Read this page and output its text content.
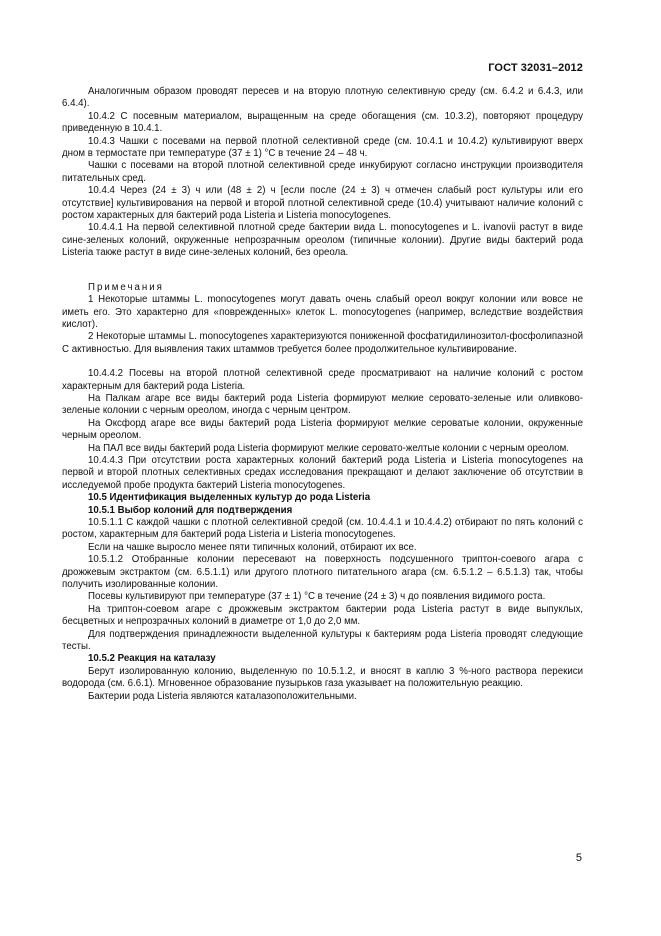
ГОСТ 32031–2012

Аналогичным образом проводят пересев и на вторую плотную селективную среду (см. 6.4.2 и 6.4.3, или 6.4.4).

10.4.2 С посевным материалом, выращенным на среде обогащения (см. 10.3.2), повторяют процедуру приведенную в 10.4.1.

10.4.3 Чашки с посевами на первой плотной селективной среде (см. 10.4.1 и 10.4.2) культивируют вверх дном в термостате при температуре (37 ± 1) °С в течение 24 – 48 ч.

Чашки с посевами на второй плотной селективной среде инкубируют согласно инструкции производителя питательных сред.

10.4.4 Через (24 ± 3) ч или (48 ± 2) ч [если после (24 ± 3) ч отмечен слабый рост культуры или его отсутствие] культивирования на первой и второй плотной селективной среде (10.4) учитывают наличие колоний с ростом характерных для бактерий рода Listeria и Listeria monocytogenes.

10.4.4.1 На первой селективной плотной среде бактерии вида L. monocytogenes и L. ivanovii растут в виде сине-зеленых колоний, окруженные непрозрачным ореолом (типичные колонии). Другие виды бактерий рода Listeria также растут в виде сине-зеленых колоний, без ореола.

Примечания

1 Некоторые штаммы L. monocytogenes могут давать очень слабый ореол вокруг колонии или вовсе не иметь его. Это характерно для «поврежденных» клеток L. monocytogenes (например, вследствие воздействия кислот).

2 Некоторые штаммы L. monocytogenes характеризуются пониженной фосфатидилинозитол-фосфолипазной С активностью. Для выявления таких штаммов требуется более продолжительное культивирование.

10.4.4.2 Посевы на второй плотной селективной среде просматривают на наличие колоний с ростом характерным для бактерий рода Listeria.

На Палкам агаре все виды бактерий рода Listeria формируют мелкие серовато-зеленые или оливково-зеленые колонии с черным ореолом, иногда с черным центром.

На Оксфорд агаре все виды бактерий рода Listeria формируют мелкие сероватые колонии, окруженные черным ореолом.

На ПАЛ все виды бактерий рода Listeria формируют мелкие серовато-желтые колонии с черным ореолом.

10.4.4.3 При отсутствии роста характерных колоний бактерий рода Listeria и Listeria monocytogenes на первой и второй плотных селективных средах исследования прекращают и делают заключение об отсутствии в исследуемой пробе продукта бактерий Listeria monocytogenes.

10.5 Идентификация выделенных культур до рода Listeria

10.5.1 Выбор колоний для подтверждения

10.5.1.1 С каждой чашки с плотной селективной средой (см. 10.4.4.1 и 10.4.4.2) отбирают по пять колоний с ростом, характерным для бактерий рода Listeria и Listeria monocytogenes.

Если на чашке выросло менее пяти типичных колоний, отбирают их все.

10.5.1.2 Отобранные колонии пересевают на поверхность подсушенного триптон-соевого агара с дрожжевым экстрактом (см. 6.5.1.1) или другого плотного питательного агара (см. 6.5.1.2 – 6.5.1.3) так, чтобы получить изолированные колонии.

Посевы культивируют при температуре (37 ± 1) °С в течение (24 ± 3) ч до появления видимого роста.

На триптон-соевом агаре с дрожжевым экстрактом бактерии рода Listeria растут в виде выпуклых, бесцветных и непрозрачных колоний в диаметре от 1,0 до 2,0 мм.

Для подтверждения принадлежности выделенной культуры к бактериям рода Listeria проводят следующие тесты.

10.5.2 Реакция на каталазу

Берут изолированную колонию, выделенную по 10.5.1.2, и вносят в каплю 3 %-ного раствора перекиси водорода (см. 6.6.1). Мгновенное образование пузырьков газа указывает на положительную реакцию.

Бактерии рода Listeria являются каталазоположительными.

5
